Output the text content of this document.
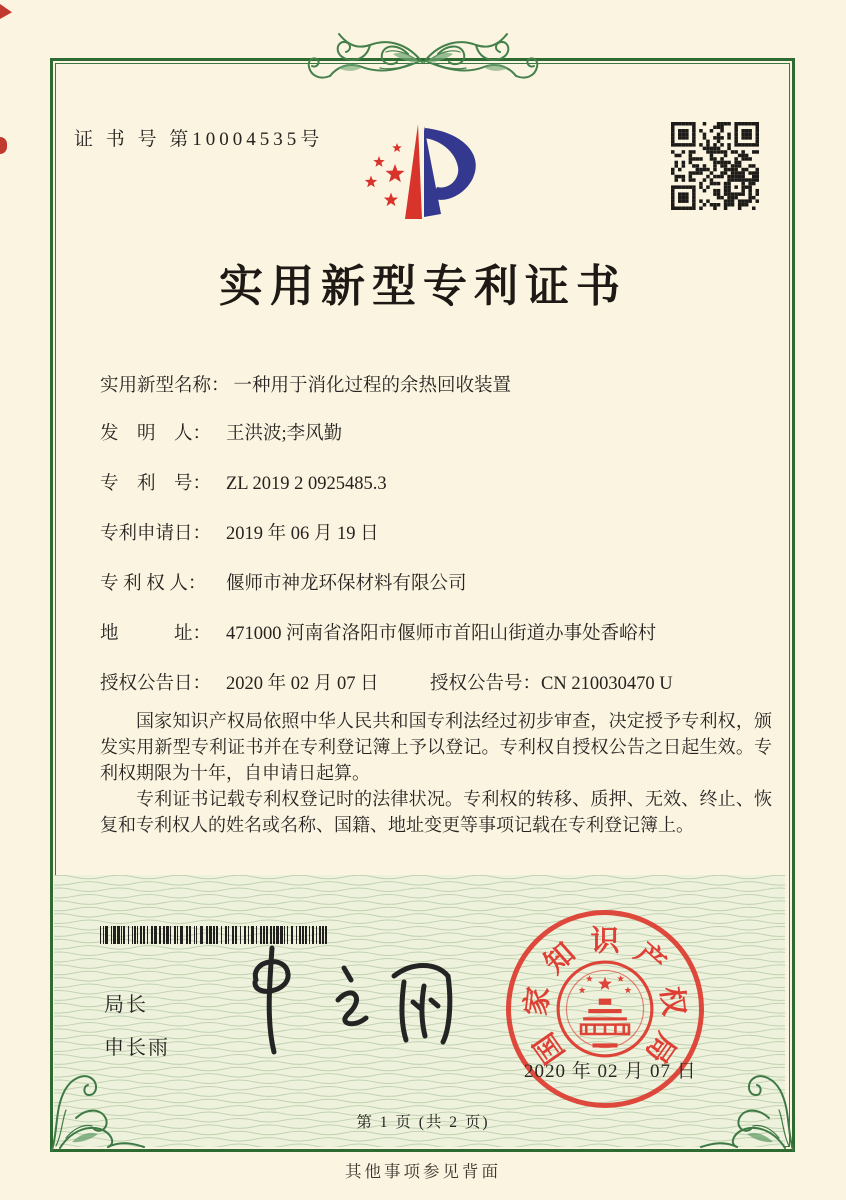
证 书 号 第10004535号
实用新型专利证书
实用新型名称： 一种用于消化过程的余热回收装置
发　明　人： 王洪波;李风勤
专　利　号： ZL 2019 2 0925485.3
专利申请日： 2019 年 06 月 19 日
专 利 权 人： 偃师市神龙环保材料有限公司
地　　　址： 471000 河南省洛阳市偃师市首阳山街道办事处香峪村
授权公告日： 2020 年 02 月 07 日	授权公告号：CN 210030470 U

国家知识产权局依照中华人民共和国专利法经过初步审查，决定授予专利权，颁发实用新型专利证书并在专利登记簿上予以登记。专利权自授权公告之日起生效。专利权期限为十年，自申请日起算。

专利证书记载专利权登记时的法律状况。专利权的转移、质押、无效、终止、恢复和专利权人的姓名或名称、国籍、地址变更等事项记载在专利登记簿上。

局长
申长雨	国
家
知 识 产
权
局
2020 年 02 月 07 日
第 1 页 (共 2 页)
其他事项参见背面
